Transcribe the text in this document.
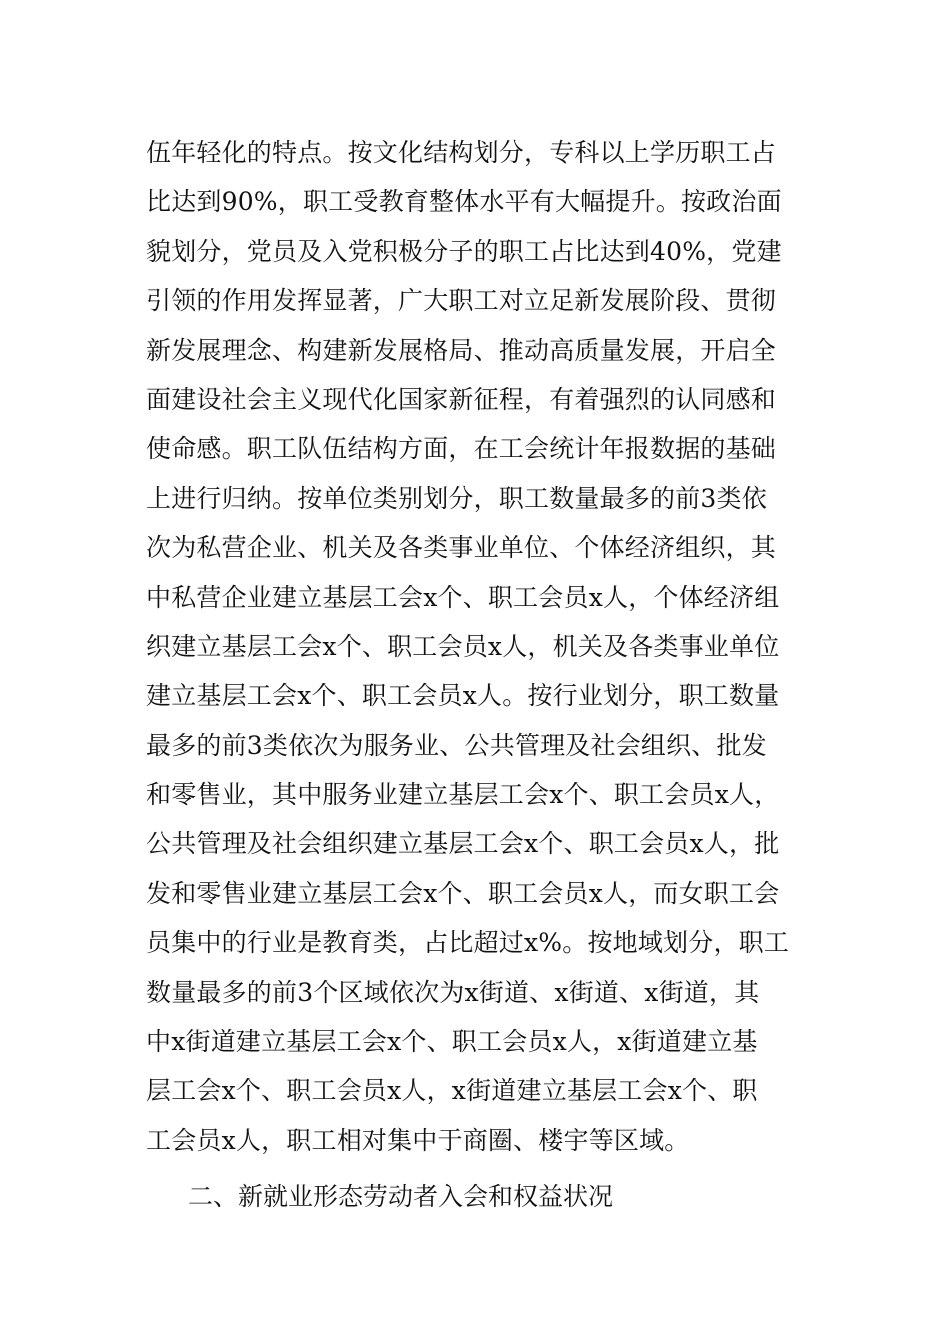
伍年轻化的特点。按文化结构划分，专科以上学历职工占
比达到90%，职工受教育整体水平有大幅提升。按政治面
貌划分，党员及入党积极分子的职工占比达到40%，党建
引领的作用发挥显著，广大职工对立足新发展阶段、贯彻
新发展理念、构建新发展格局、推动高质量发展，开启全
面建设社会主义现代化国家新征程，有着强烈的认同感和
使命感。职工队伍结构方面，在工会统计年报数据的基础
上进行归纳。按单位类别划分，职工数量最多的前3类依
次为私营企业、机关及各类事业单位、个体经济组织，其
中私营企业建立基层工会x个、职工会员x人，个体经济组
织建立基层工会x个、职工会员x人，机关及各类事业单位
建立基层工会x个、职工会员x人。按行业划分，职工数量
最多的前3类依次为服务业、公共管理及社会组织、批发
和零售业，其中服务业建立基层工会x个、职工会员x人，
公共管理及社会组织建立基层工会x个、职工会员x人，批
发和零售业建立基层工会x个、职工会员x人，而女职工会
员集中的行业是教育类，占比超过x%。按地域划分，职工
数量最多的前3个区域依次为x街道、x街道、x街道，其
中x街道建立基层工会x个、职工会员x人，x街道建立基
层工会x个、职工会员x人，x街道建立基层工会x个、职
工会员x人，职工相对集中于商圈、楼宇等区域。
二、新就业形态劳动者入会和权益状况
